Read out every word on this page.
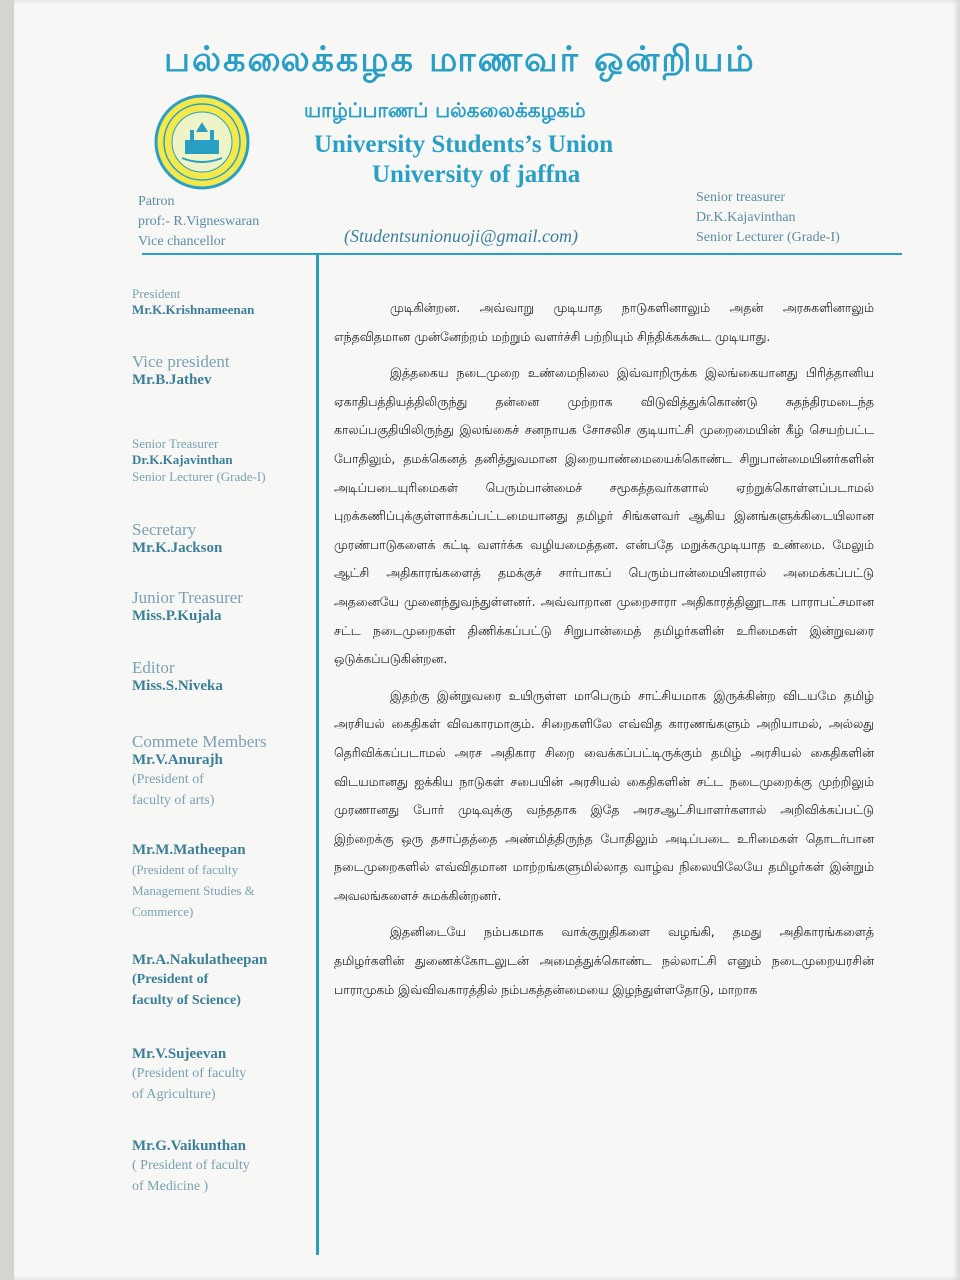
பல்கலைக்கழக மாணவர் ஒன்றியம்
யாழ்ப்பாணப் பல்கலைக்கழகம்
University Students’s Union
University of jaffna
Patron
prof:- R.Vigneswaran
Vice chancellor	(Studentsunionuoji@gmail.com)
Senior treasurer
Dr.K.Kajavinthan
Senior Lecturer (Grade-I)
President
Mr.K.Krishnameenan
Vice president
Mr.B.Jathev
Senior Treasurer
Dr.K.Kajavinthan
Senior Lecturer (Grade-I)
Secretary
Mr.K.Jackson
Junior Treasurer
Miss.P.Kujala
Editor
Miss.S.Niveka
Commete Members
Mr.V.Anurajh
(President of
faculty of arts)
Mr.M.Matheepan
(President of faculty
Management Studies &
Commerce)
Mr.A.Nakulatheepan
(President of
faculty of Science)
Mr.V.Sujeevan
(President of faculty
of Agriculture)
Mr.G.Vaikunthan
( President of faculty
of Medicine )

முடிகின்றன. அவ்வாறு முடியாத நாடுகளினாலும் அதன் அரசுகளினாலும் எந்தவிதமான முன்னேற்றம் மற்றும் வளர்ச்சி பற்றியும் சிந்திக்கக்கூட முடியாது.

இத்தகைய நடைமுறை உண்மைநிலை இவ்வாறிருக்க இலங்கையானது பிரித்தானிய ஏகாதிபத்தியத்திலிருந்து தன்னை முற்றாக விடுவித்துக்கொண்டு சுதந்திரமடைந்த காலப்பகுதியிலிருந்து இலங்கைச் சனநாயக சோசலிச குடியாட்சி முறைமையின் கீழ் செயற்பட்ட போதிலும், தமக்கெனத் தனித்துவமான இறையாண்மையைக்கொண்ட சிறுபான்மையினர்களின் அடிப்படையுரிமைகள் பெரும்பான்மைச் சமூகத்தவர்களால் ஏற்றுக்கொள்ளப்படாமல் புறக்கணிப்புக்குள்ளாக்கப்பட்டமையானது தமிழர் சிங்களவர் ஆகிய இனங்களுக்கிடையிலான முரண்பாடுகளைக் கட்டி வளர்க்க வழியமைத்தன. என்பதே மறுக்கமுடியாத உண்மை. மேலும் ஆட்சி அதிகாரங்களைத் தமக்குச் சார்பாகப் பெரும்பான்மையினரால் அமைக்கப்பட்டு அதனையே முனைந்துவந்துள்ளனர். அவ்வாறான முறைசாரா அதிகாரத்தினூடாக பாராபட்சமான சட்ட நடைமுறைகள் திணிக்கப்பட்டு சிறுபான்மைத் தமிழர்களின் உரிமைகள் இன்றுவரை ஒடுக்கப்படுகின்றன.

இதற்கு இன்றுவரை உயிருள்ள மாபெரும் சாட்சியமாக இருக்கின்ற விடயமே தமிழ் அரசியல் கைதிகள் விவகாரமாகும். சிறைகளிலே எவ்வித காரணங்களும் அறியாமல், அல்லது தெரிவிக்கப்படாமல் அரச அதிகார சிறை வைக்கப்பட்டிருக்கும் தமிழ் அரசியல் கைதிகளின் விடயமானது ஐக்கிய நாடுகள் சபையின் அரசியல் கைதிகளின் சட்ட நடைமுறைக்கு முற்றிலும் முரணானது போர் முடிவுக்கு வந்ததாக இதே அரசஆட்சியாளர்களால் அறிவிக்கப்பட்டு இற்றைக்கு ஒரு தசாப்தத்தை அண்மித்திருந்த போதிலும் அடிப்படை உரிமைகள் தொடர்பான நடைமுறைகளில் எவ்விதமான மாற்றங்களுமில்லாத வாழ்வ நிலையிலேயே தமிழர்கள் இன்றும் அவலங்களைச் சுமக்கின்றனர்.

இதனிடையே நம்பகமாக வாக்குறுதிகளை வழங்கி, தமது அதிகாரங்களைத் தமிழர்களின் துணைக்கோடலுடன் அமைத்துக்கொண்ட நல்லாட்சி எனும் நடைமுறையரசின் பாராமுகம் இவ்விவகாரத்தில் நம்பகத்தன்மையை இழந்துள்ளதோடு, மாறாக
